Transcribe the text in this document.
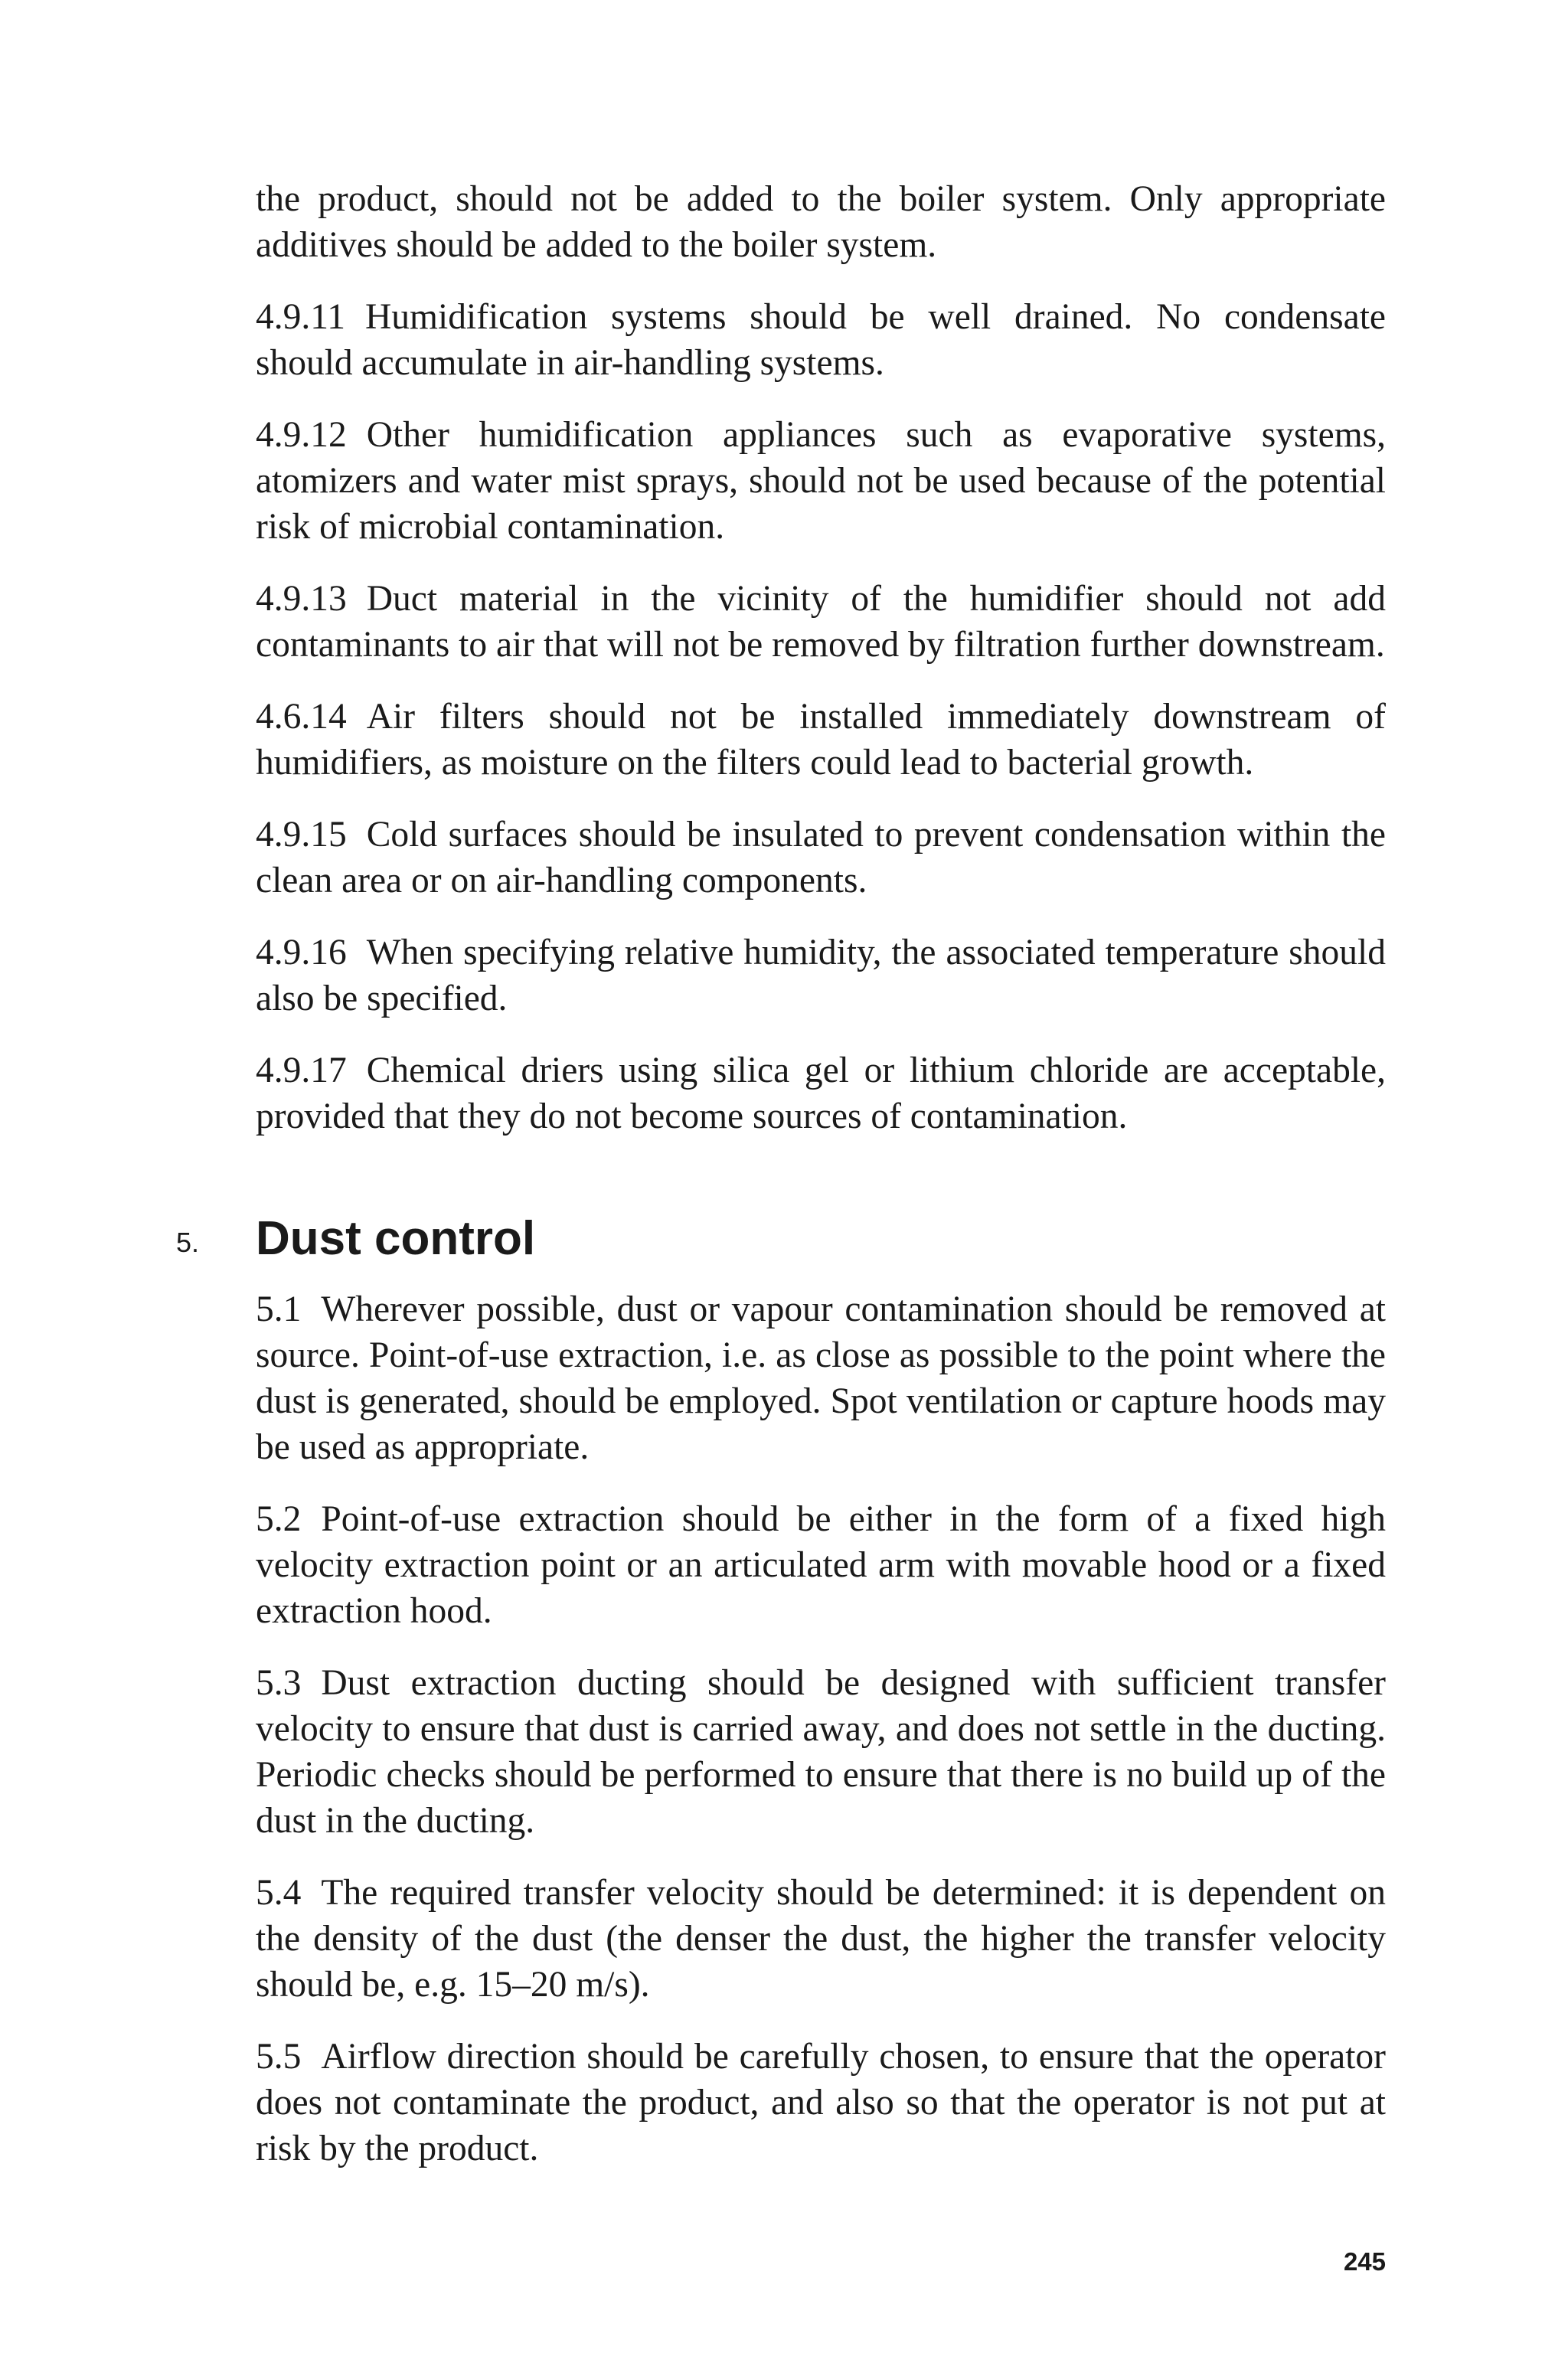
the product, should not be added to the boiler system. Only appropriate additives should be added to the boiler system.

4.9.11 Humidification systems should be well drained. No condensate should accumulate in air-handling systems.

4.9.12 Other humidification appliances such as evaporative systems, atomizers and water mist sprays, should not be used because of the potential risk of microbial contamination.

4.9.13 Duct material in the vicinity of the humidifier should not add contaminants to air that will not be removed by filtration further downstream.

4.6.14 Air filters should not be installed immediately downstream of humidifiers, as moisture on the filters could lead to bacterial growth.

4.9.15 Cold surfaces should be insulated to prevent condensation within the clean area or on air-handling components.

4.9.16 When specifying relative humidity, the associated temperature should also be specified.

4.9.17 Chemical driers using silica gel or lithium chloride are acceptable, provided that they do not become sources of contamination.

5. Dust control

5.1 Wherever possible, dust or vapour contamination should be removed at source. Point-of-use extraction, i.e. as close as possible to the point where the dust is generated, should be employed. Spot ventilation or capture hoods may be used as appropriate.

5.2 Point-of-use extraction should be either in the form of a fixed high velocity extraction point or an articulated arm with movable hood or a fixed extraction hood.

5.3 Dust extraction ducting should be designed with sufficient transfer velocity to ensure that dust is carried away, and does not settle in the ducting. Periodic checks should be performed to ensure that there is no build up of the dust in the ducting.

5.4 The required transfer velocity should be determined: it is dependent on the density of the dust (the denser the dust, the higher the transfer velocity should be, e.g. 15–20 m/s).

5.5 Airflow direction should be carefully chosen, to ensure that the operator does not contaminate the product, and also so that the operator is not put at risk by the product.

245
